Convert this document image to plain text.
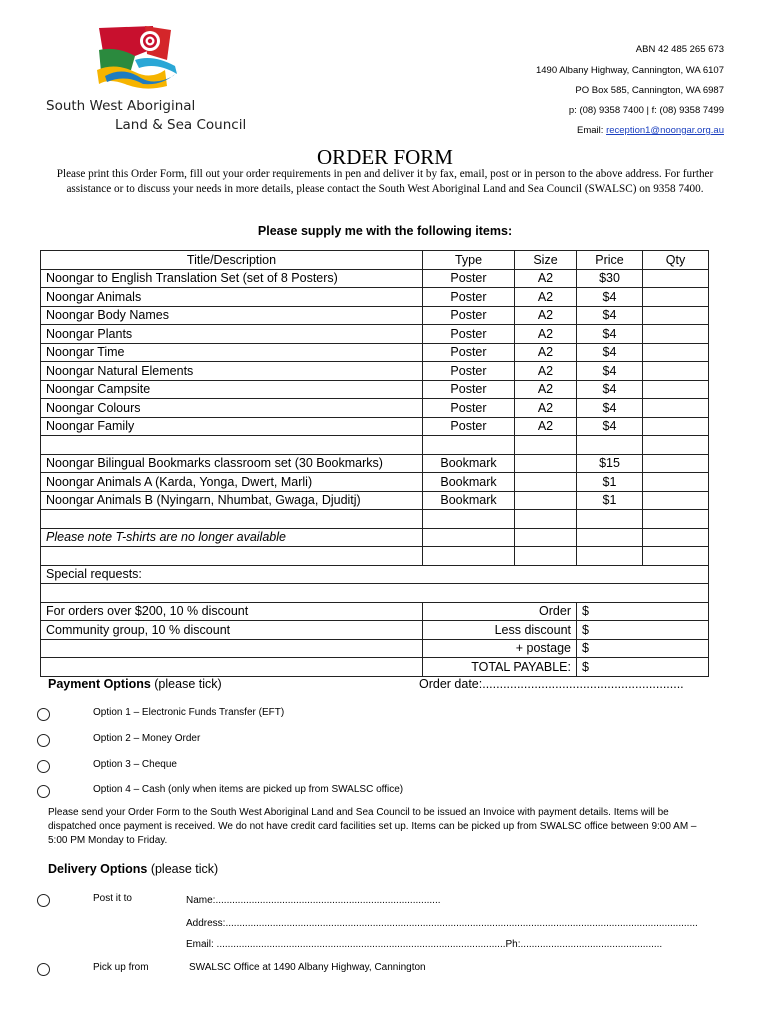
South West Aboriginal
Land & Sea Council
ABN 42 485 265 673
1490 Albany Highway, Cannington, WA 6107
PO Box 585, Cannington, WA 6987
p: (08) 9358 7400 | f: (08) 9358 7499
Email: reception1@noongar.org.au
ORDER FORM
Please print this Order Form, fill out your order requirements in pen and deliver it by fax, email, post or in person to the above address. For further assistance or to discuss your needs in more details, please contact the South West Aboriginal Land and Sea Council (SWALSC) on 9358 7400.
Please supply me with the following items:
Title/Description	Type	Size	Price	Qty
Noongar to English Translation Set (set of 8 Posters)	Poster	A2	$30	
Noongar Animals	Poster	A2	$4	
Noongar Body Names	Poster	A2	$4	
Noongar Plants	Poster	A2	$4	
Noongar Time	Poster	A2	$4	
Noongar Natural Elements	Poster	A2	$4	
Noongar Campsite	Poster	A2	$4	
Noongar Colours	Poster	A2	$4	
Noongar Family	Poster	A2	$4	

Noongar Bilingual Bookmarks classroom set (30 Bookmarks)	Bookmark		$15	
Noongar Animals A (Karda, Yonga, Dwert, Marli)	Bookmark		$1	
Noongar Animals B (Nyingarn, Nhumbat, Gwaga, Djuditj)	Bookmark		$1	

Please note T-shirts are no longer available				

Special requests:				

For orders over $200, 10 % discount	Order		$	
Community group, 10 % discount	Less discount		$	
	+ postage		$	
	TOTAL PAYABLE:		$	
Payment Options (please tick)	Order date:..........................................................
Option 1 – Electronic Funds Transfer (EFT)
Option 2 – Money Order
Option 3 – Cheque
Option 4 – Cash (only when items are picked up from SWALSC office)
Please send your Order Form to the South West Aboriginal Land and Sea Council to be issued an Invoice with payment details. Items will be dispatched once payment is received. We do not have credit card facilities set up. Items can be picked up from SWALSC office between 9:00 AM – 5:00 PM Monday to Friday.
Delivery Options (please tick)
Post it to	Name:.................................................................................
Address:..........................................................................................................................................................................
Email: ........................................................................................................Ph:...................................................
Pick up from	SWALSC Office at 1490 Albany Highway, Cannington
